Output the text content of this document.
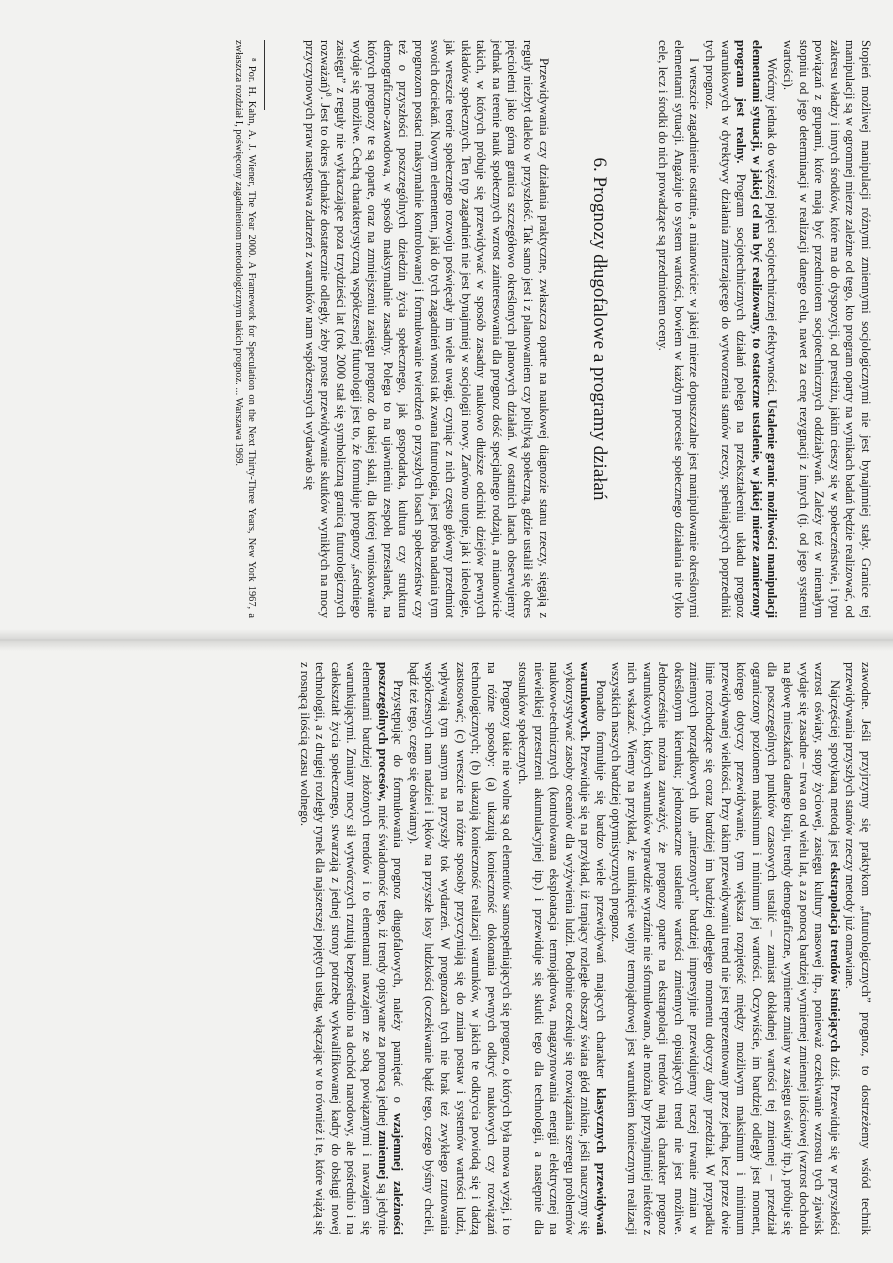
Stopień możliwej manipulacji różnymi zmiennymi socjologicznymi nie jest bynajmniej stały. Granice tej manipulacji są w ogromnej mierze zależne od tego, kto program oparty na wynikach badań będzie realizować, od zakresu władzy i innych środków, które ma do dyspozycji, od prestiżu, jakim cieszy się w społeczeństwie, i typu powiązań z grupami, które mają być przedmiotem socjotechnicznych oddziaływań. Zależy też w niemałym stopniu od jego determinacji w realizacji danego celu, nawet za cenę rezygnacji z innych (tj. od jego systemu wartości).

Wróćmy jednak do węższej pojęci socjotechnicznej efektywności. Ustalenie granic możliwości manipulacji elementami sytuacji, w jakiej cel ma być realizowany, to ostateczne ustalenie, w jakiej mierze zamierzony program jest realny. Program socjotechnicznych działań polega na przekształceniu układu prognoz warunkowych w dyrektywy działania zmierzającego do wytworzenia stanów rzeczy, spełniających poprzedniki tych prognoz.

I wreszcie zagadnienie ostatnie, a mianowicie: w jakiej mierze dopuszczalne jest manipulowanie określonymi elementami sytuacji. Angażuje to system wartości, bowiem w każdym procesie społecznego działania nie tylko cele, lecz i środki do nich prowadzące są przedmiotem oceny.

6. Prognozy długofalowe a programy działań

Przewidywania czy działania praktyczne, zwłaszcza oparte na naukowej diagnozie stanu rzeczy, sięgają z reguły niezbyt daleko w przyszłość. Tak samo jest i z planowaniem czy polityką społeczną, gdzie ustalił się okres pięcioletni jako górna granica szczegółowo określonych planowych działań. W ostatnich latach obserwujemy jednak na terenie nauk społecznych wzrost zainteresowania dla prognoz dość specjalnego rodzaju, a mianowicie takich, w których próbuje się przewidywać w sposób zasadny naukowo dłuższe odcinki dziejów pewnych układów społecznych. Ten typ zagadnień nie jest bynajmniej w socjologii nowy. Zarówno utopie, jak i ideologie, jak wreszcie teorie społecznego rozwoju poświęcały im wiele uwagi, czyniąc z nich często główny przedmiot swoich dociekań. Nowym elementem, jaki do tych zagadnień wnosi tak zwana futurologia, jest próba nadania tym prognozom postaci maksymalnie kontrolowanej i formułowanie twierdzeń o przyszłych losach społeczeństw czy też o przyszłości poszczególnych dziedzin życia społecznego, jak gospodarka, kultura czy struktura demograficzno-zawodowa, w sposób maksymalnie zasadny. Polega to na ujawnieniu zespołu przesłanek, na których prognozy te są oparte, oraz na zmniejszeniu zasięgu prognoz do takiej skali, dla której wnioskowanie wydaje się możliwe. Cechą charakterystyczną współczesnej futurologii jest to, że formułuje prognozy „średniego zasięgu” z reguły nie wykraczające poza trzydzieści lat (rok 2000 stał się symboliczną granicą futurologicznych rozważań)$^8$. Jest to okres jednakże dostatecznie odległy, żeby proste przewidywanie skutków wynikłych na mocy przyczynowych praw następstwa zdarzeń z warunków nam współczesnych wydawało się

⁸ Por. H. Kahn, A. J. Wiener, The Year 2000. A Framework for Speculation on the Next Thirty-Three Years, New York 1967, a zwłaszcza rozdział I, poświęcony zagadnieniom metodologicznym takich prognoz. ... Warszawa 1969.

zawodne. Jeśli przyjrzymy się praktykom „futurologicznych” prognoz, to dostrzeżemy wśród technik przewidywania przyszłych stanów rzeczy metody już omawiane.

Najczęściej spotykaną metodą jest ekstrapolacja trendów istniejących dziś. Przewiduje się w przyszłości wzrost oświaty, stopy życiowej, zasięgu kultury masowej itp., ponieważ oczekiwanie wzrostu tych zjawisk wydaje się zasadne – trwa on od wielu lat, a za ponocą bardziej wymiernej zmiennej ilościowej (wzrost dochodu na głowę mieszkańca danego kraju, trendy demograficzne, wymierne zmiany w zasięgu oświaty itp.), próbuje się dla poszczególnych punktów czasowych ustalić – zamiast dokładnej wartości tej zmiennej – przedział ograniczony poziomem maksimum i minimum jej wartości. Oczywiście, im bardziej odległy jest moment, którego dotyczy przewidywanie, tym większa rozpiętość między możliwym maksimum i minimum przewidywanej wielkości. Przy takim przewidywaniu trend nie jest reprezentowany przez jedną, lecz przez dwie linie rozchodzące się coraz bardziej im bardziej odległego momentu dotyczy dany przedział. W przypadku zmiennych porządkowych lub „mierzonych” bardziej impresyjnie przewidujemy raczej trwanie zmian w określonym kierunku; jednoznaczne ustalenie wartości zmiennych opisujących trend nie jest możliwe. Jednocześnie można zauważyć, że prognozy oparte na ekstrapolacji trendów mają charakter prognoz warunkowych, których warunków wprawdzie wyraźnie nie sformułowano, ale można by przynajmniej niektóre z nich wskazać. Wiemy na przykład, że uniknięcie wojny termojądrowej jest warunkiem koniecznym realizacji wszystkich naszych bardziej optymistycznych prognoz.

Ponadto formułuje się bardzo wiele przewidywań mających charakter klasycznych przewidywań warunkowych. Przewiduje się na przykład, iż trapiący rozległe obszary świata głód zniknie, jeśli nauczymy się wykorzystywać zasoby oceanów dla wyżywienia ludzi. Podobnie oczekuje się rozwiązania szeregu problemów naukowo-technicznych (kontrolowana eksploatacja termojądrowa, magazynowania energii elektrycznej na niewielkiej przestrzeni akumulacyjnej itp.) i przewiduje się skutki tego dla technologii, a następnie dla stosunków społecznych.

Prognozy takie nie wolne są od elementów samospełniających się prognoz, o których była mowa wyżej, i to na różne sposoby: (a) ukazują konieczność dokonania pewnych odkryć naukowych czy rozwiązań technologicznych; (b) ukazują konieczność realizacji warunków, w jakich te odkrycia powiodą się i dadzą zastosować; (c) wreszcie na różne sposoby przyczyniają się do zmian postaw i systemów wartości ludzi, wpływają tym samym na przyszły tok wydarzeń. W prognozach tych nie brak też zwykłego rzutowania współczesnych nam nadziei i lęków na przyszłe losy ludzkości (oczekiwanie bądź tego, czego byśmy chcieli, bądź też tego, czego się obawiamy).

Przystępując do formułowania prognoz długofalowych, należy pamiętać o wzajemnej zależności poszczególnych procesów, mieć świadomość tego, iż trendy opisywane za pomocą jednej zmiennej są jedynie elementami bardziej złożonych trendów i to elementami nawzajem ze sobą powiązanymi i nawzajem się warunkującymi. Zmiany mocy sił wytwórczych rzutują bezpośrednio na dochód narodowy, ale pośrednio i na całokształt życia społecznego, stwarzają z jednej strony potrzebę wykwalifikowanej kadry do obsługi nowej technologii, a z drugiej rozległy rynek dla najszerszej pojętych usług, włączając w to również i te, które wiążą się z rosnącą ilością czasu wolnego.
